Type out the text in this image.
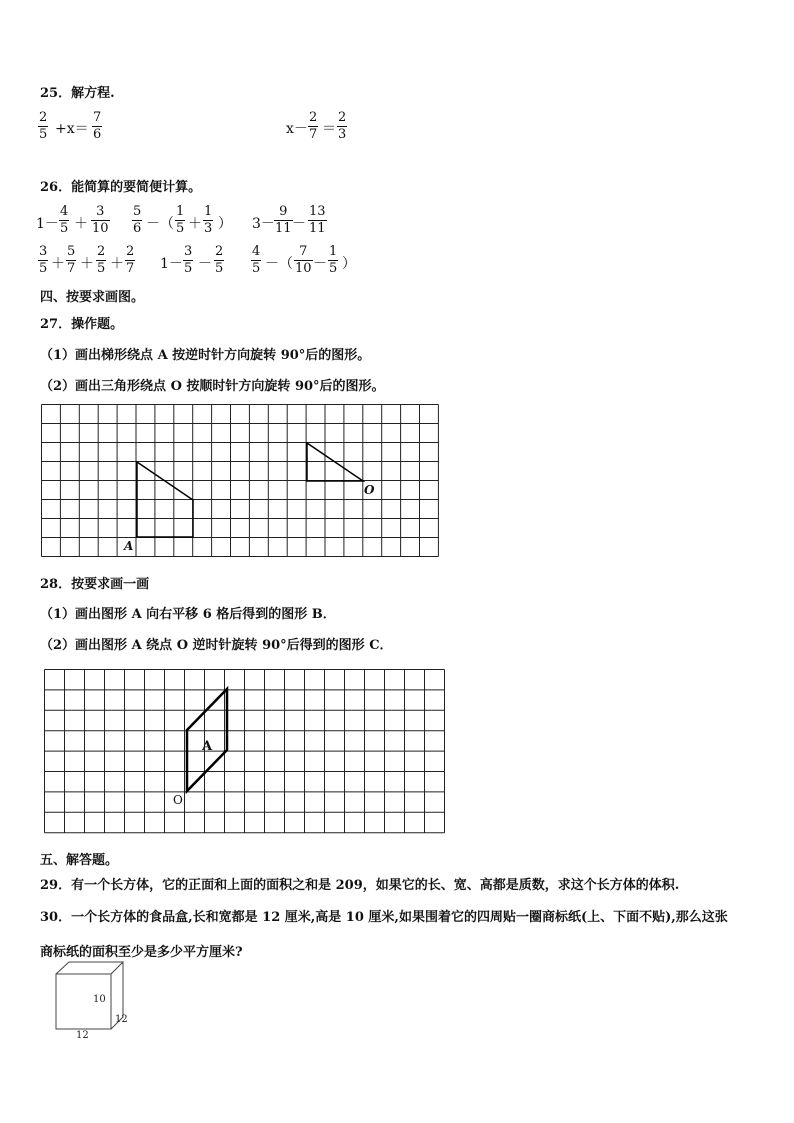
25．解方程.
$\frac{2}{5} +x= \frac{7}{6}$	$x- \frac{2}{7} = \frac{2}{3}$
26．能简算的要简便计算。
$1- \frac{4}{5} + \frac{3}{10} \frac{5}{6}$ －（ $\frac{1}{5} + \frac{1}{3}$ ） $3- \frac{9}{11} - \frac{13}{11}$
$\frac{3}{5} + \frac{5}{7} + \frac{2}{5} + \frac{2}{7} 1- \frac{3}{5} - \frac{2}{5} \frac{4}{5}$ －（ $\frac{7}{10} - \frac{1}{5}$ ）
四、按要求画图。
27．操作题。
（1）画出梯形绕点 A 按逆时针方向旋转 90°后的图形。
（2）画出三角形绕点 O 按顺时针方向旋转 90°后的图形。
A
O
28．按要求画一画
（1）画出图形 A 向右平移 6 格后得到的图形 B．
（2）画出图形 A 绕点 O 逆时针旋转 90°后得到的图形 C．
A
O
五、解答题。
29．有一个长方体，它的正面和上面的面积之和是 209，如果它的长、宽、高都是质数，求这个长方体的体积.
30．一个长方体的食品盒,长和宽都是 12 厘米,高是 10 厘米,如果围着它的四周贴一圈商标纸(上、下面不贴),那么这张
商标纸的面积至少是多少平方厘米?
10
12
12
